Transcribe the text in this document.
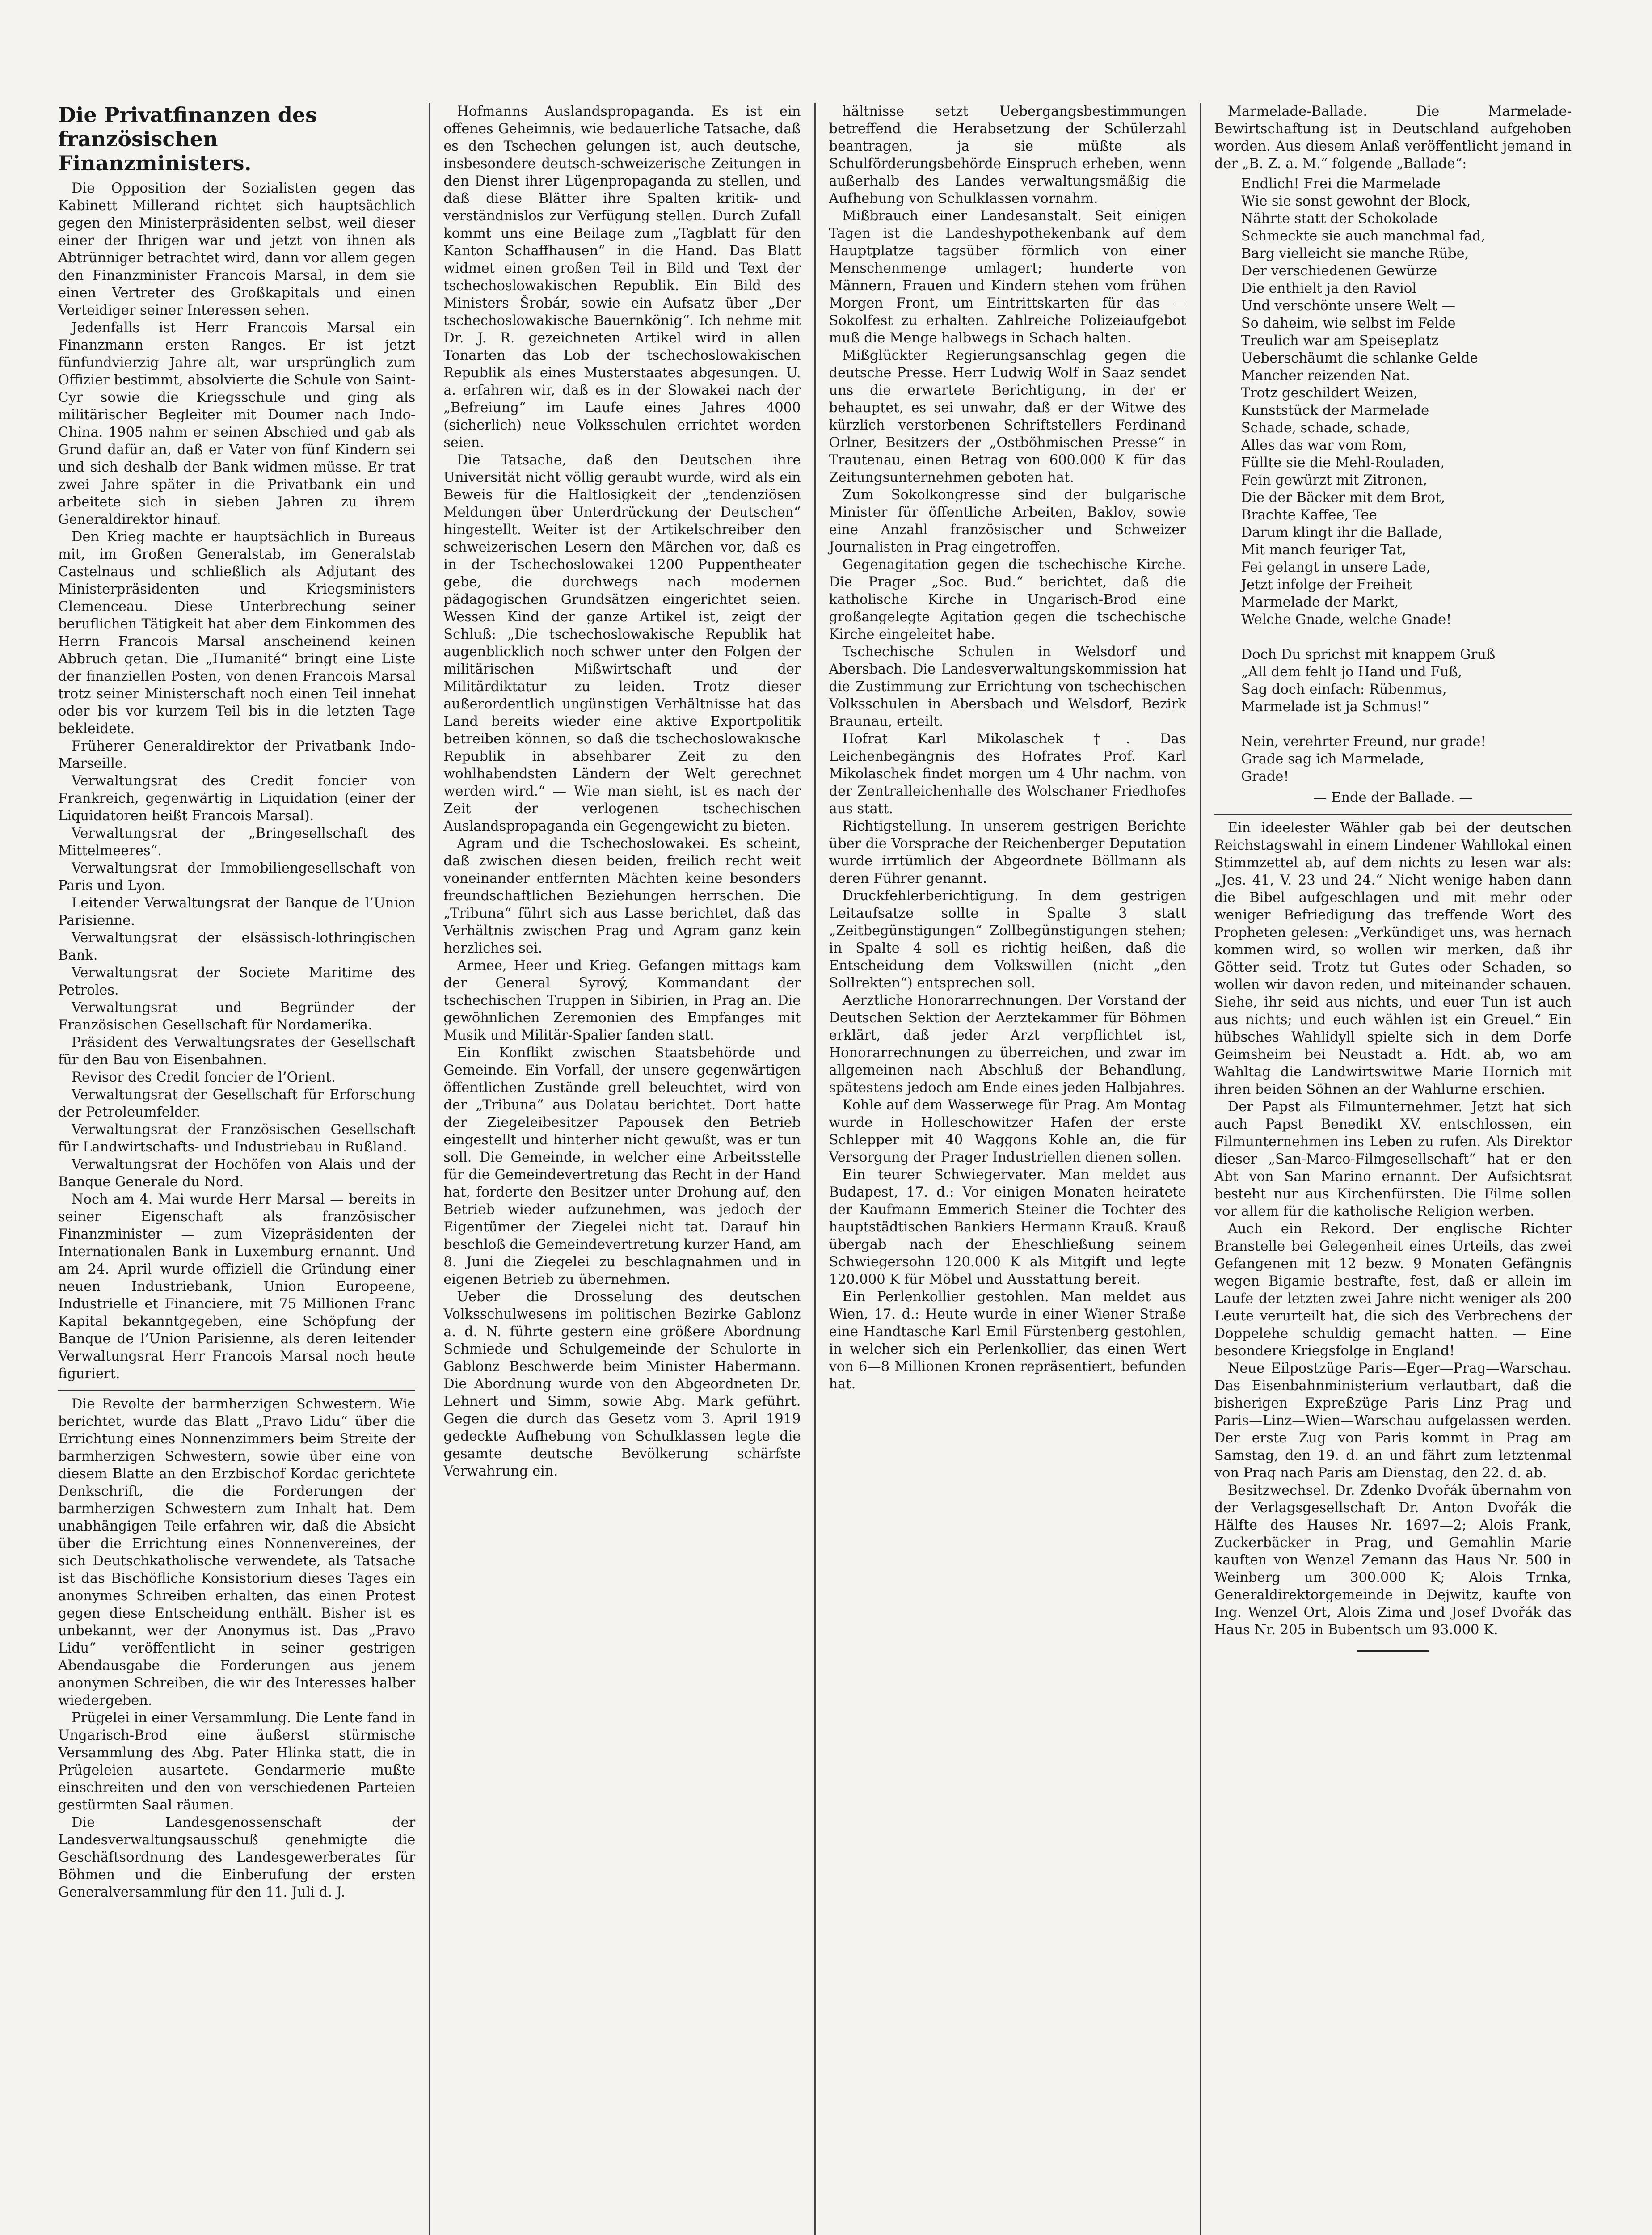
Die Privatfinanzen des französischen Finanzministers.

Die Opposition der Sozialisten gegen das Kabinett Millerand richtet sich hauptsächlich gegen den Ministerpräsidenten selbst, weil dieser einer der Ihrigen war und jetzt von ihnen als Abtrünniger betrachtet wird, dann vor allem gegen den Finanzminister Francois Marsal, in dem sie einen Vertreter des Großkapitals und einen Verteidiger seiner Interessen sehen.

Jedenfalls ist Herr Francois Marsal ein Finanzmann ersten Ranges. Er ist jetzt fünfundvierzig Jahre alt, war ursprünglich zum Offizier bestimmt, absolvierte die Schule von Saint-Cyr sowie die Kriegsschule und ging als militärischer Begleiter mit Doumer nach Indo-China. 1905 nahm er seinen Abschied und gab als Grund dafür an, daß er Vater von fünf Kindern sei und sich deshalb der Bank widmen müsse. Er trat zwei Jahre später in die Privatbank ein und arbeitete sich in sieben Jahren zu ihrem Generaldirektor hinauf.

Den Krieg machte er hauptsächlich in Bureaus mit, im Großen Generalstab, im Generalstab Castelnaus und schließlich als Adjutant des Ministerpräsidenten und Kriegsministers Clemenceau. Diese Unterbrechung seiner beruflichen Tätigkeit hat aber dem Einkommen des Herrn Francois Marsal anscheinend keinen Abbruch getan. Die „Humanité“ bringt eine Liste der finanziellen Posten, von denen Francois Marsal trotz seiner Ministerschaft noch einen Teil innehat oder bis vor kurzem Teil bis in die letzten Tage bekleidete.

Früherer Generaldirektor der Privatbank Indo-Marseille.

Verwaltungsrat des Credit foncier von Frankreich, gegenwärtig in Liquidation (einer der Liquidatoren heißt Francois Marsal).

Verwaltungsrat der „Bringesellschaft des Mittelmeeres“.

Verwaltungsrat der Immobiliengesellschaft von Paris und Lyon.

Leitender Verwaltungsrat der Banque de l’Union Parisienne.

Verwaltungsrat der elsässisch-lothringischen Bank.

Verwaltungsrat der Societe Maritime des Petroles.

Verwaltungsrat und Begründer der Französischen Gesellschaft für Nordamerika.

Präsident des Verwaltungsrates der Gesellschaft für den Bau von Eisenbahnen.

Revisor des Credit foncier de l’Orient.

Verwaltungsrat der Gesellschaft für Erforschung der Petroleumfelder.

Verwaltungsrat der Französischen Gesellschaft für Landwirtschafts- und Industriebau in Rußland.

Verwaltungsrat der Hochöfen von Alais und der Banque Generale du Nord.

Noch am 4. Mai wurde Herr Marsal — bereits in seiner Eigenschaft als französischer Finanzminister — zum Vizepräsidenten der Internationalen Bank in Luxemburg ernannt. Und am 24. April wurde offiziell die Gründung einer neuen Industriebank, Union Europeene, Industrielle et Financiere, mit 75 Millionen Franc Kapital bekanntgegeben, eine Schöpfung der Banque de l’Union Parisienne, als deren leitender Verwaltungsrat Herr Francois Marsal noch heute figuriert.

Die Revolte der barmherzigen Schwestern. Wie berichtet, wurde das Blatt „Pravo Lidu“ über die Errichtung eines Nonnenzimmers beim Streite der barmherzigen Schwestern, sowie über eine von diesem Blatte an den Erzbischof Kordac gerichtete Denkschrift, die die Forderungen der barmherzigen Schwestern zum Inhalt hat. Dem unabhängigen Teile erfahren wir, daß die Absicht über die Errichtung eines Nonnenvereines, der sich Deutschkatholische verwendete, als Tatsache ist das Bischöfliche Konsistorium dieses Tages ein anonymes Schreiben erhalten, das einen Protest gegen diese Entscheidung enthält. Bisher ist es unbekannt, wer der Anonymus ist. Das „Pravo Lidu“ veröffentlicht in seiner gestrigen Abendausgabe die Forderungen aus jenem anonymen Schreiben, die wir des Interesses halber wiedergeben.

Prügelei in einer Versammlung. Die Lente fand in Ungarisch-Brod eine äußerst stürmische Versammlung des Abg. Pater Hlinka statt, die in Prügeleien ausartete. Gendarmerie mußte einschreiten und den von verschiedenen Parteien gestürmten Saal räumen.

Die Landesgenossenschaft der Landesverwaltungsausschuß genehmigte die Geschäftsordnung des Landesgewerberates für Böhmen und die Einberufung der ersten Generalversammlung für den 11. Juli d. J.

Hofmanns Auslandspropaganda. Es ist ein offenes Geheimnis, wie bedauerliche Tatsache, daß es den Tschechen gelungen ist, auch deutsche, insbesondere deutsch-schweizerische Zeitungen in den Dienst ihrer Lügenpropaganda zu stellen, und daß diese Blätter ihre Spalten kritik- und verständnislos zur Verfügung stellen. Durch Zufall kommt uns eine Beilage zum „Tagblatt für den Kanton Schaffhausen“ in die Hand. Das Blatt widmet einen großen Teil in Bild und Text der tschechoslowakischen Republik. Ein Bild des Ministers Šrobár, sowie ein Aufsatz über „Der tschechoslowakische Bauernkönig“. Ich nehme mit Dr. J. R. gezeichneten Artikel wird in allen Tonarten das Lob der tschechoslowakischen Republik als eines Musterstaates abgesungen. U. a. erfahren wir, daß es in der Slowakei nach der „Befreiung“ im Laufe eines Jahres 4000 (sicherlich) neue Volksschulen errichtet worden seien.

Die Tatsache, daß den Deutschen ihre Universität nicht völlig geraubt wurde, wird als ein Beweis für die Haltlosigkeit der „tendenziösen Meldungen über Unterdrückung der Deutschen“ hingestellt. Weiter ist der Artikelschreiber den schweizerischen Lesern den Märchen vor, daß es in der Tschechoslowakei 1200 Puppentheater gebe, die durchwegs nach modernen pädagogischen Grundsätzen eingerichtet seien. Wessen Kind der ganze Artikel ist, zeigt der Schluß: „Die tschechoslowakische Republik hat augenblicklich noch schwer unter den Folgen der militärischen Mißwirtschaft und der Militärdiktatur zu leiden. Trotz dieser außerordentlich ungünstigen Verhältnisse hat das Land bereits wieder eine aktive Exportpolitik betreiben können, so daß die tschechoslowakische Republik in absehbarer Zeit zu den wohlhabendsten Ländern der Welt gerechnet werden wird.“ — Wie man sieht, ist es nach der Zeit der verlogenen tschechischen Auslandspropaganda ein Gegengewicht zu bieten.

Agram und die Tschechoslowakei. Es scheint, daß zwischen diesen beiden, freilich recht weit voneinander entfernten Mächten keine besonders freundschaftlichen Beziehungen herrschen. Die „Tribuna“ führt sich aus Lasse berichtet, daß das Verhältnis zwischen Prag und Agram ganz kein herzliches sei.

Armee, Heer und Krieg. Gefangen mittags kam der General Syrový, Kommandant der tschechischen Truppen in Sibirien, in Prag an. Die gewöhnlichen Zeremonien des Empfanges mit Musik und Militär-Spalier fanden statt.

Ein Konflikt zwischen Staatsbehörde und Gemeinde. Ein Vorfall, der unsere gegenwärtigen öffentlichen Zustände grell beleuchtet, wird von der „Tribuna“ aus Dolatau berichtet. Dort hatte der Ziegeleibesitzer Papousek den Betrieb eingestellt und hinterher nicht gewußt, was er tun soll. Die Gemeinde, in welcher eine Arbeitsstelle für die Gemeindevertretung das Recht in der Hand hat, forderte den Besitzer unter Drohung auf, den Betrieb wieder aufzunehmen, was jedoch der Eigentümer der Ziegelei nicht tat. Darauf hin beschloß die Gemeindevertretung kurzer Hand, am 8. Juni die Ziegelei zu beschlagnahmen und in eigenen Betrieb zu übernehmen.

Ueber die Drosselung des deutschen Volksschulwesens im politischen Bezirke Gablonz a. d. N. führte gestern eine größere Abordnung Schmiede und Schulgemeinde der Schulorte in Gablonz Beschwerde beim Minister Habermann. Die Abordnung wurde von den Abgeordneten Dr. Lehnert und Simm, sowie Abg. Mark geführt. Gegen die durch das Gesetz vom 3. April 1919 gedeckte Aufhebung von Schulklassen legte die gesamte deutsche Bevölkerung schärfste Verwahrung ein.

hältnisse setzt Uebergangsbestimmungen betreffend die Herabsetzung der Schülerzahl beantragen, ja sie müßte als Schulförderungsbehörde Einspruch erheben, wenn außerhalb des Landes verwaltungsmäßig die Aufhebung von Schulklassen vornahm.

Mißbrauch einer Landesanstalt. Seit einigen Tagen ist die Landeshypothekenbank auf dem Hauptplatze tagsüber förmlich von einer Menschenmenge umlagert; hunderte von Männern, Frauen und Kindern stehen vom frühen Morgen Front, um Eintrittskarten für das — Sokolfest zu erhalten. Zahlreiche Polizeiaufgebot muß die Menge halbwegs in Schach halten.

Mißglückter Regierungsanschlag gegen die deutsche Presse. Herr Ludwig Wolf in Saaz sendet uns die erwartete Berichtigung, in der er behauptet, es sei unwahr, daß er der Witwe des kürzlich verstorbenen Schriftstellers Ferdinand Orlner, Besitzers der „Ostböhmischen Presse“ in Trautenau, einen Betrag von 600.000 K für das Zeitungsunternehmen geboten hat.

Zum Sokolkongresse sind der bulgarische Minister für öffentliche Arbeiten, Baklov, sowie eine Anzahl französischer und Schweizer Journalisten in Prag eingetroffen.

Gegenagitation gegen die tschechische Kirche. Die Prager „Soc. Bud.“ berichtet, daß die katholische Kirche in Ungarisch-Brod eine großangelegte Agitation gegen die tschechische Kirche eingeleitet habe.

Tschechische Schulen in Welsdorf und Abersbach. Die Landesverwaltungskommission hat die Zustimmung zur Errichtung von tschechischen Volksschulen in Abersbach und Welsdorf, Bezirk Braunau, erteilt.

Hofrat Karl Mikolaschek †. Das Leichenbegängnis des Hofrates Prof. Karl Mikolaschek findet morgen um 4 Uhr nachm. von der Zentralleichenhalle des Wolschaner Friedhofes aus statt.

Richtigstellung. In unserem gestrigen Berichte über die Vorsprache der Reichenberger Deputation wurde irrtümlich der Abgeordnete Böllmann als deren Führer genannt.

Druckfehlerberichtigung. In dem gestrigen Leitaufsatze sollte in Spalte 3 statt „Zeitbegünstigungen“ Zollbegünstigungen stehen; in Spalte 4 soll es richtig heißen, daß die Entscheidung dem Volkswillen (nicht „den Sollrekten“) entsprechen soll.

Aerztliche Honorarrechnungen. Der Vorstand der Deutschen Sektion der Aerztekammer für Böhmen erklärt, daß jeder Arzt verpflichtet ist, Honorarrechnungen zu überreichen, und zwar im allgemeinen nach Abschluß der Behandlung, spätestens jedoch am Ende eines jeden Halbjahres.

Kohle auf dem Wasserwege für Prag. Am Montag wurde in Holleschowitzer Hafen der erste Schlepper mit 40 Waggons Kohle an, die für Versorgung der Prager Industriellen dienen sollen.

Ein teurer Schwiegervater. Man meldet aus Budapest, 17. d.: Vor einigen Monaten heiratete der Kaufmann Emmerich Steiner die Tochter des hauptstädtischen Bankiers Hermann Krauß. Krauß übergab nach der Eheschließung seinem Schwiegersohn 120.000 K als Mitgift und legte 120.000 K für Möbel und Ausstattung bereit.

Ein Perlenkollier gestohlen. Man meldet aus Wien, 17. d.: Heute wurde in einer Wiener Straße eine Handtasche Karl Emil Fürstenberg gestohlen, in welcher sich ein Perlenkollier, das einen Wert von 6—8 Millionen Kronen repräsentiert, befunden hat.

Marmelade-Ballade. Die Marmelade-Bewirtschaftung ist in Deutschland aufgehoben worden. Aus diesem Anlaß veröffentlicht jemand in der „B. Z. a. M.“ folgende „Ballade“:

Endlich! Frei die Marmelade
Wie sie sonst gewohnt der Block,
Nährte statt der Schokolade
Schmeckte sie auch manchmal fad,
Barg vielleicht sie manche Rübe,
Der verschiedenen Gewürze
Die enthielt ja den Raviol
Und verschönte unsere Welt —
So daheim, wie selbst im Felde
Treulich war am Speiseplatz
Ueberschäumt die schlanke Gelde
Mancher reizenden Nat.
Trotz geschildert Weizen,
Kunststück der Marmelade
Schade, schade, schade,
Alles das war vom Rom,
Füllte sie die Mehl-Rouladen,
Fein gewürzt mit Zitronen,
Die der Bäcker mit dem Brot,
Brachte Kaffee, Tee
Darum klingt ihr die Ballade,
Mit manch feuriger Tat,
Fei gelangt in unsere Lade,
Jetzt infolge der Freiheit
Marmelade der Markt,
Welche Gnade, welche Gnade!

Doch Du sprichst mit knappem Gruß
„All dem fehlt jo Hand und Fuß,
Sag doch einfach: Rübenmus,
Marmelade ist ja Schmus!“

Nein, verehrter Freund, nur grade!
Grade sag ich Marmelade,
Grade!

— Ende der Ballade. —

Ein ideelester Wähler gab bei der deutschen Reichstagswahl in einem Lindener Wahllokal einen Stimmzettel ab, auf dem nichts zu lesen war als: „Jes. 41, V. 23 und 24.“ Nicht wenige haben dann die Bibel aufgeschlagen und mit mehr oder weniger Befriedigung das treffende Wort des Propheten gelesen: „Verkündiget uns, was hernach kommen wird, so wollen wir merken, daß ihr Götter seid. Trotz tut Gutes oder Schaden, so wollen wir davon reden, und miteinander schauen. Siehe, ihr seid aus nichts, und euer Tun ist auch aus nichts; und euch wählen ist ein Greuel.“ Ein hübsches Wahlidyll spielte sich in dem Dorfe Geimsheim bei Neustadt a. Hdt. ab, wo am Wahltag die Landwirtswitwe Marie Hornich mit ihren beiden Söhnen an der Wahlurne erschien.

Der Papst als Filmunternehmer. Jetzt hat sich auch Papst Benedikt XV. entschlossen, ein Filmunternehmen ins Leben zu rufen. Als Direktor dieser „San-Marco-Filmgesellschaft“ hat er den Abt von San Marino ernannt. Der Aufsichtsrat besteht nur aus Kirchenfürsten. Die Filme sollen vor allem für die katholische Religion werben.

Auch ein Rekord. Der englische Richter Branstelle bei Gelegenheit eines Urteils, das zwei Gefangenen mit 12 bezw. 9 Monaten Gefängnis wegen Bigamie bestrafte, fest, daß er allein im Laufe der letzten zwei Jahre nicht weniger als 200 Leute verurteilt hat, die sich des Verbrechens der Doppelehe schuldig gemacht hatten. — Eine besondere Kriegsfolge in England!

Neue Eilpostzüge Paris—Eger—Prag—Warschau. Das Eisenbahnministerium verlautbart, daß die bisherigen Expreßzüge Paris—Linz—Prag und Paris—Linz—Wien—Warschau aufgelassen werden. Der erste Zug von Paris kommt in Prag am Samstag, den 19. d. an und fährt zum letztenmal von Prag nach Paris am Dienstag, den 22. d. ab.

Besitzwechsel. Dr. Zdenko Dvořák übernahm von der Verlagsgesellschaft Dr. Anton Dvořák die Hälfte des Hauses Nr. 1697—2; Alois Frank, Zuckerbäcker in Prag, und Gemahlin Marie kauften von Wenzel Zemann das Haus Nr. 500 in Weinberg um 300.000 K; Alois Trnka, Generaldirektorgemeinde in Dejwitz, kaufte von Ing. Wenzel Ort, Alois Zima und Josef Dvořák das Haus Nr. 205 in Bubentsch um 93.000 K.
